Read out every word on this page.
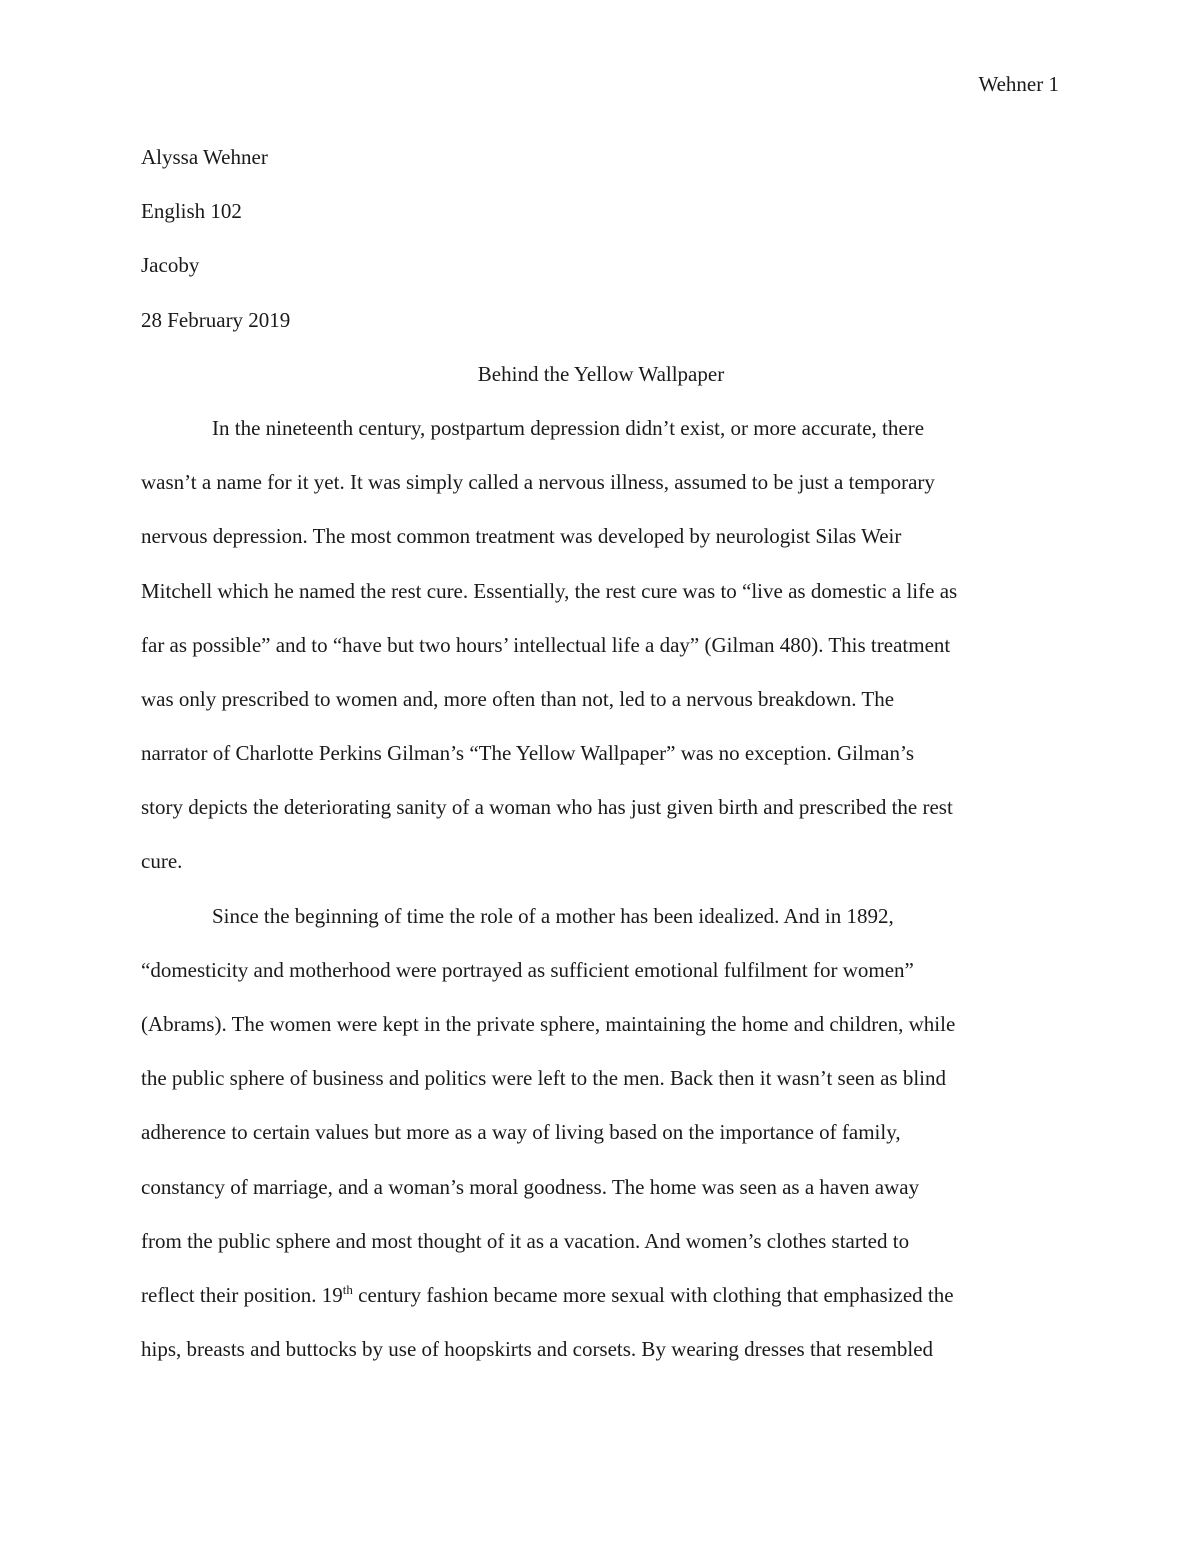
Wehner 1
Alyssa Wehner
English 102
Jacoby
28 February 2019
Behind the Yellow Wallpaper
In the nineteenth century, postpartum depression didn’t exist, or more accurate, there
wasn’t a name for it yet. It was simply called a nervous illness, assumed to be just a temporary
nervous depression. The most common treatment was developed by neurologist Silas Weir
Mitchell which he named the rest cure. Essentially, the rest cure was to “live as domestic a life as
far as possible” and to “have but two hours’ intellectual life a day” (Gilman 480). This treatment
was only prescribed to women and, more often than not, led to a nervous breakdown. The
narrator of Charlotte Perkins Gilman’s “The Yellow Wallpaper” was no exception. Gilman’s
story depicts the deteriorating sanity of a woman who has just given birth and prescribed the rest
cure.
Since the beginning of time the role of a mother has been idealized. And in 1892,
“domesticity and motherhood were portrayed as sufficient emotional fulfilment for women”
(Abrams). The women were kept in the private sphere, maintaining the home and children, while
the public sphere of business and politics were left to the men. Back then it wasn’t seen as blind
adherence to certain values but more as a way of living based on the importance of family,
constancy of marriage, and a woman’s moral goodness. The home was seen as a haven away
from the public sphere and most thought of it as a vacation. And women’s clothes started to
reflect their position. 19th century fashion became more sexual with clothing that emphasized the
hips, breasts and buttocks by use of hoopskirts and corsets. By wearing dresses that resembled
